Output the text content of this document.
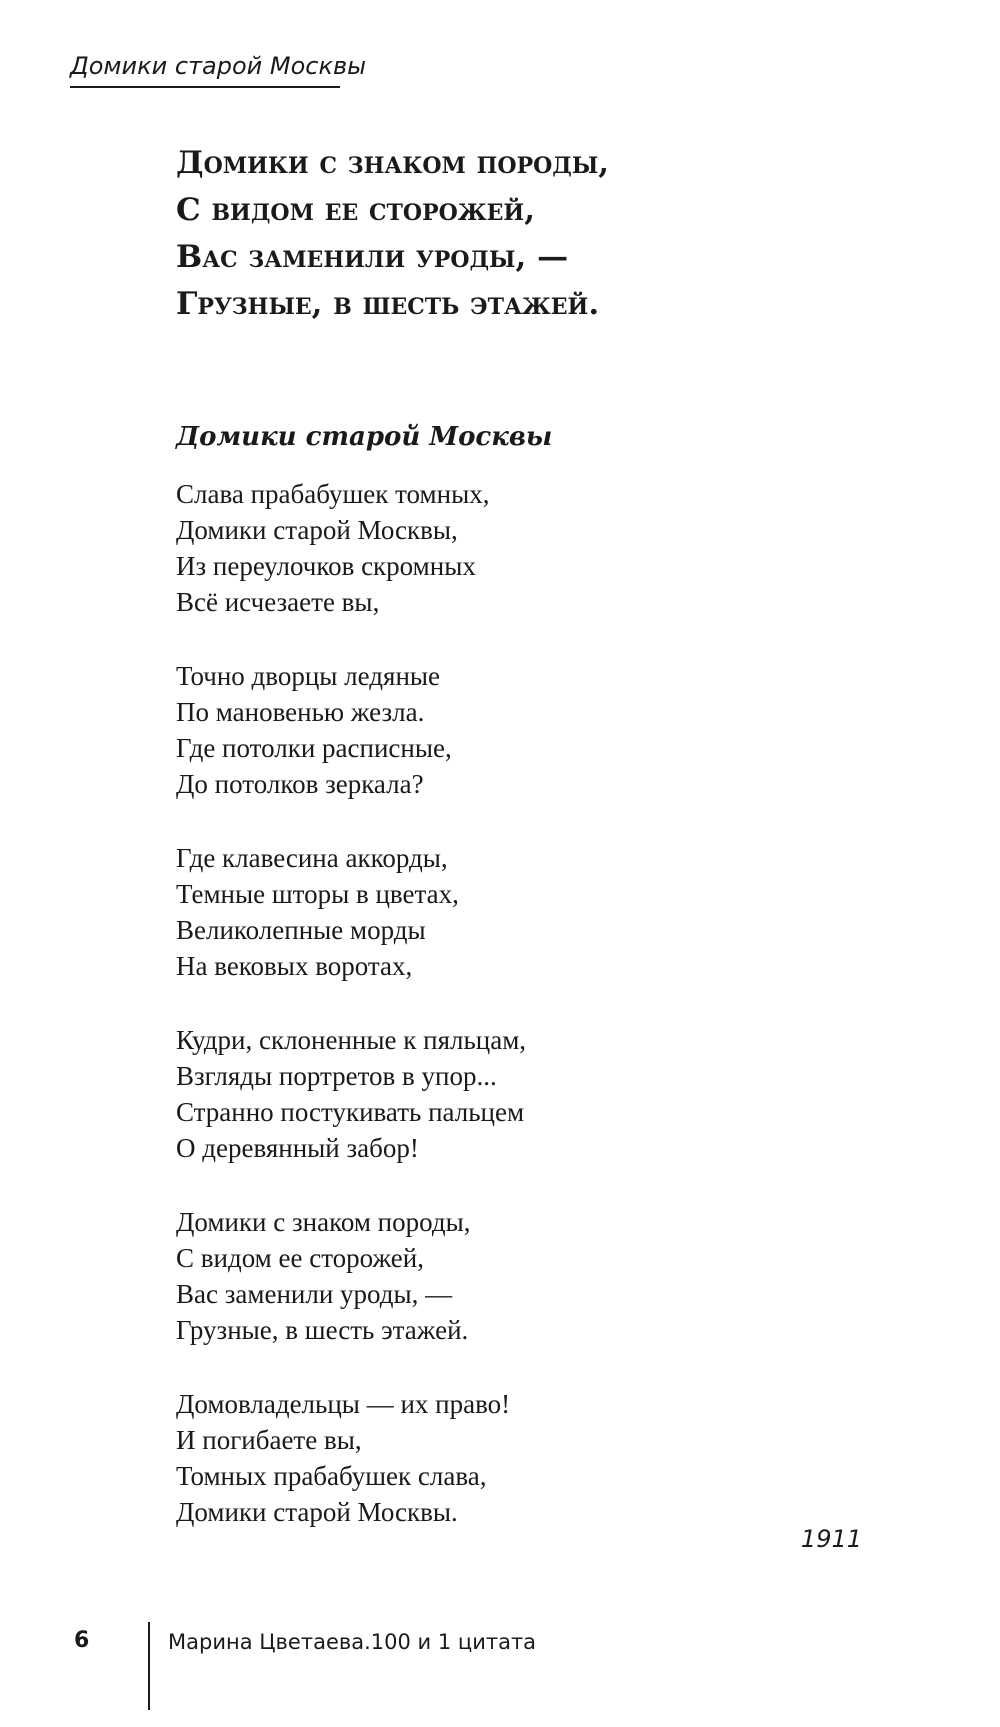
Домики старой Москвы
Домики с знаком породы,
С видом ее сторожей,
Вас заменили уроды, —
Грузные, в шесть этажей.
Домики старой Москвы
Слава прабабушек томных,
Домики старой Москвы,
Из переулочков скромных
Всё исчезаете вы,
Точно дворцы ледяные
По мановенью жезла.
Где потолки расписные,
До потолков зеркала?
Где клавесина аккорды,
Темные шторы в цветах,
Великолепные морды
На вековых воротах,
Кудри, склоненные к пяльцам,
Взгляды портретов в упор...
Странно постукивать пальцем
О деревянный забор!
Домики с знаком породы,
С видом ее сторожей,
Вас заменили уроды, —
Грузные, в шесть этажей.
Домовладельцы — их право!
И погибаете вы,
Томных прабабушек слава,
Домики старой Москвы.
1911
6	Марина Цветаева.100 и 1 цитата
